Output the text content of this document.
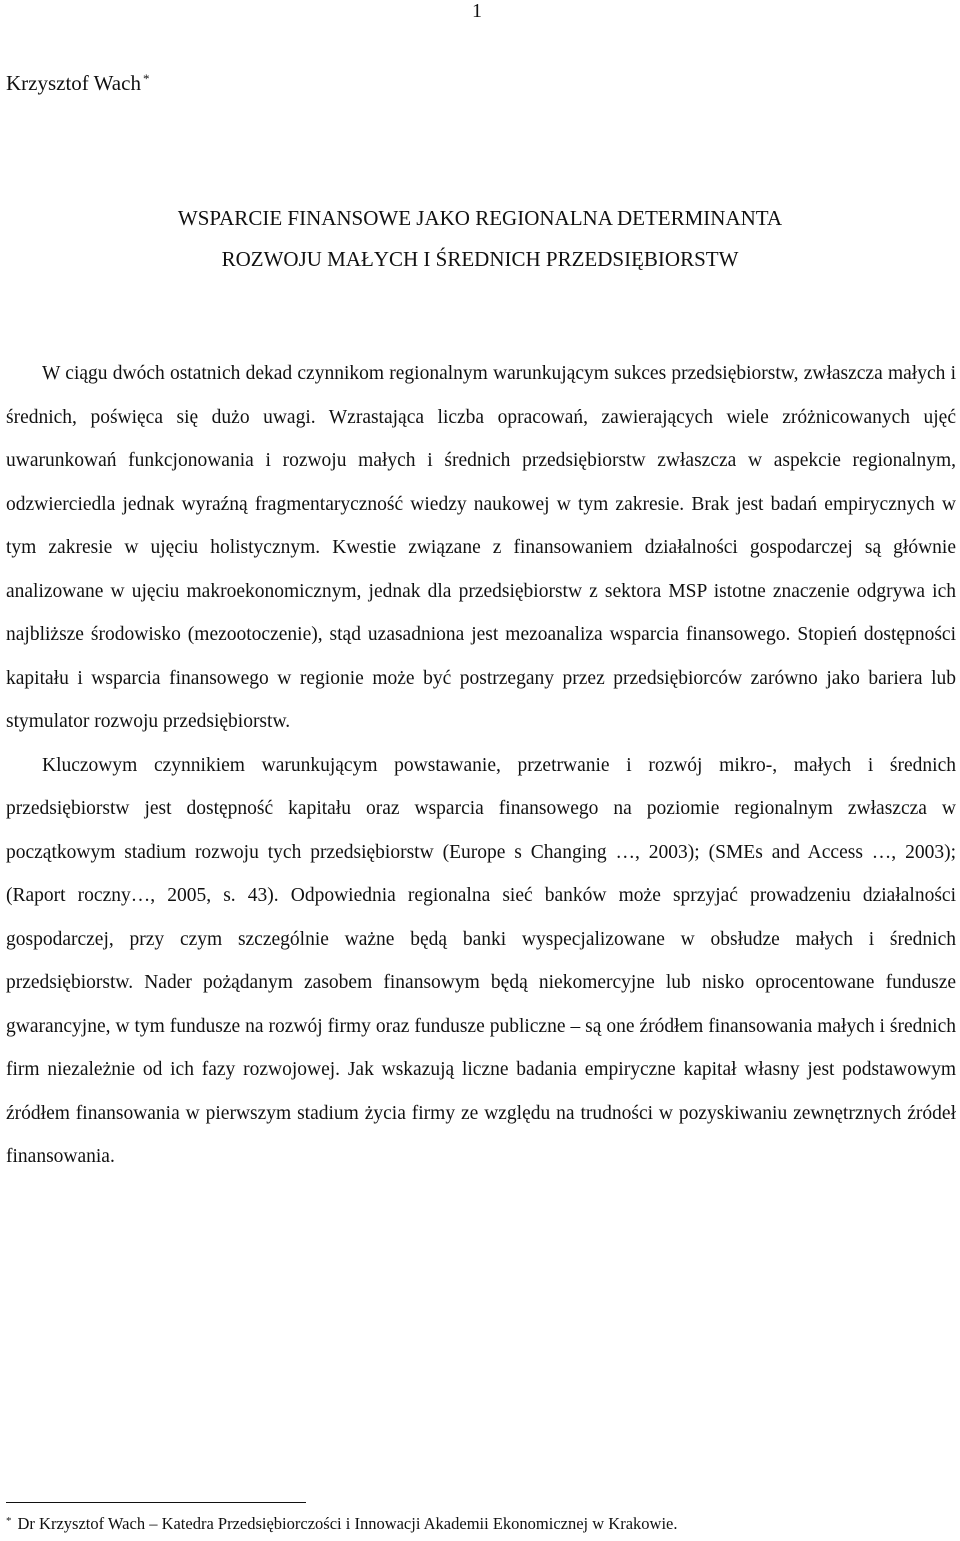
1
Krzysztof Wach *
WSPARCIE FINANSOWE JAKO REGIONALNA DETERMINANTA
ROZWOJU MAŁYCH I ŚREDNICH PRZEDSIĘBIORSTW

W ciągu dwóch ostatnich dekad czynnikom regionalnym warunkującym sukces przedsiębiorstw, zwłaszcza małych i średnich, poświęca się dużo uwagi. Wzrastająca liczba opracowań, zawierających wiele zróżnicowanych ujęć uwarunkowań funkcjonowania i rozwoju małych i średnich przedsiębiorstw zwłaszcza w aspekcie regionalnym, odzwierciedla jednak wyraźną fragmentaryczność wiedzy naukowej w tym zakresie. Brak jest badań empirycznych w tym zakresie w ujęciu holistycznym. Kwestie związane z finansowaniem działalności gospodarczej są głównie analizowane w ujęciu makroekonomicznym, jednak dla przedsiębiorstw z sektora MSP istotne znaczenie odgrywa ich najbliższe środowisko (mezootoczenie), stąd uzasadniona jest mezoanaliza wsparcia finansowego. Stopień dostępności kapitału i wsparcia finansowego w regionie może być postrzegany przez przedsiębiorców zarówno jako bariera lub stymulator rozwoju przedsiębiorstw.

Kluczowym czynnikiem warunkującym powstawanie, przetrwanie i rozwój mikro-, małych i średnich przedsiębiorstw jest dostępność kapitału oraz wsparcia finansowego na poziomie regionalnym zwłaszcza w początkowym stadium rozwoju tych przedsiębiorstw (Europe s Changing …, 2003); (SMEs and Access …, 2003); (Raport roczny…, 2005, s. 43). Odpowiednia regionalna sieć banków może sprzyjać prowadzeniu działalności gospodarczej, przy czym szczególnie ważne będą banki wyspecjalizowane w obsłudze małych i średnich przedsiębiorstw. Nader pożądanym zasobem finansowym będą niekomercyjne lub nisko oprocentowane fundusze gwarancyjne, w tym fundusze na rozwój firmy oraz fundusze publiczne – są one źródłem finansowania małych i średnich firm niezależnie od ich fazy rozwojowej. Jak wskazują liczne badania empiryczne kapitał własny jest podstawowym źródłem finansowania w pierwszym stadium życia firmy ze względu na trudności w pozyskiwaniu zewnętrznych źródeł finansowania.

* Dr Krzysztof Wach – Katedra Przedsiębiorczości i Innowacji Akademii Ekonomicznej w Krakowie.
